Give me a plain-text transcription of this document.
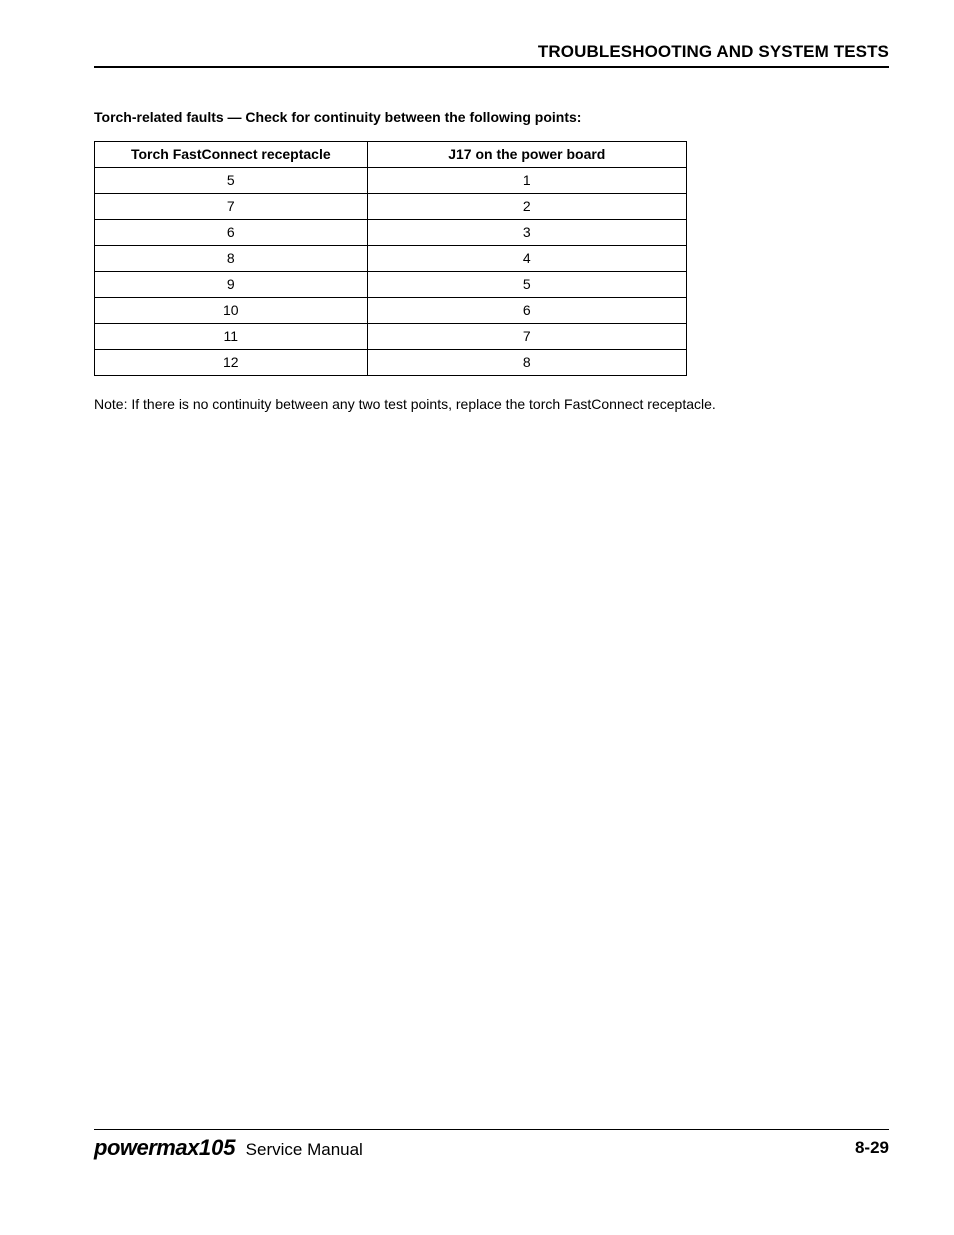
TROUBLESHOOTING AND SYSTEM TESTS
Torch-related faults — Check for continuity between the following points:
Torch FastConnect receptacle	J17 on the power board
5	1
7	2
6	3
8	4
9	5
10	6
11	7
12	8
Note: If there is no continuity between any two test points, replace the torch FastConnect receptacle.
powermax105 Service Manual	8-29
